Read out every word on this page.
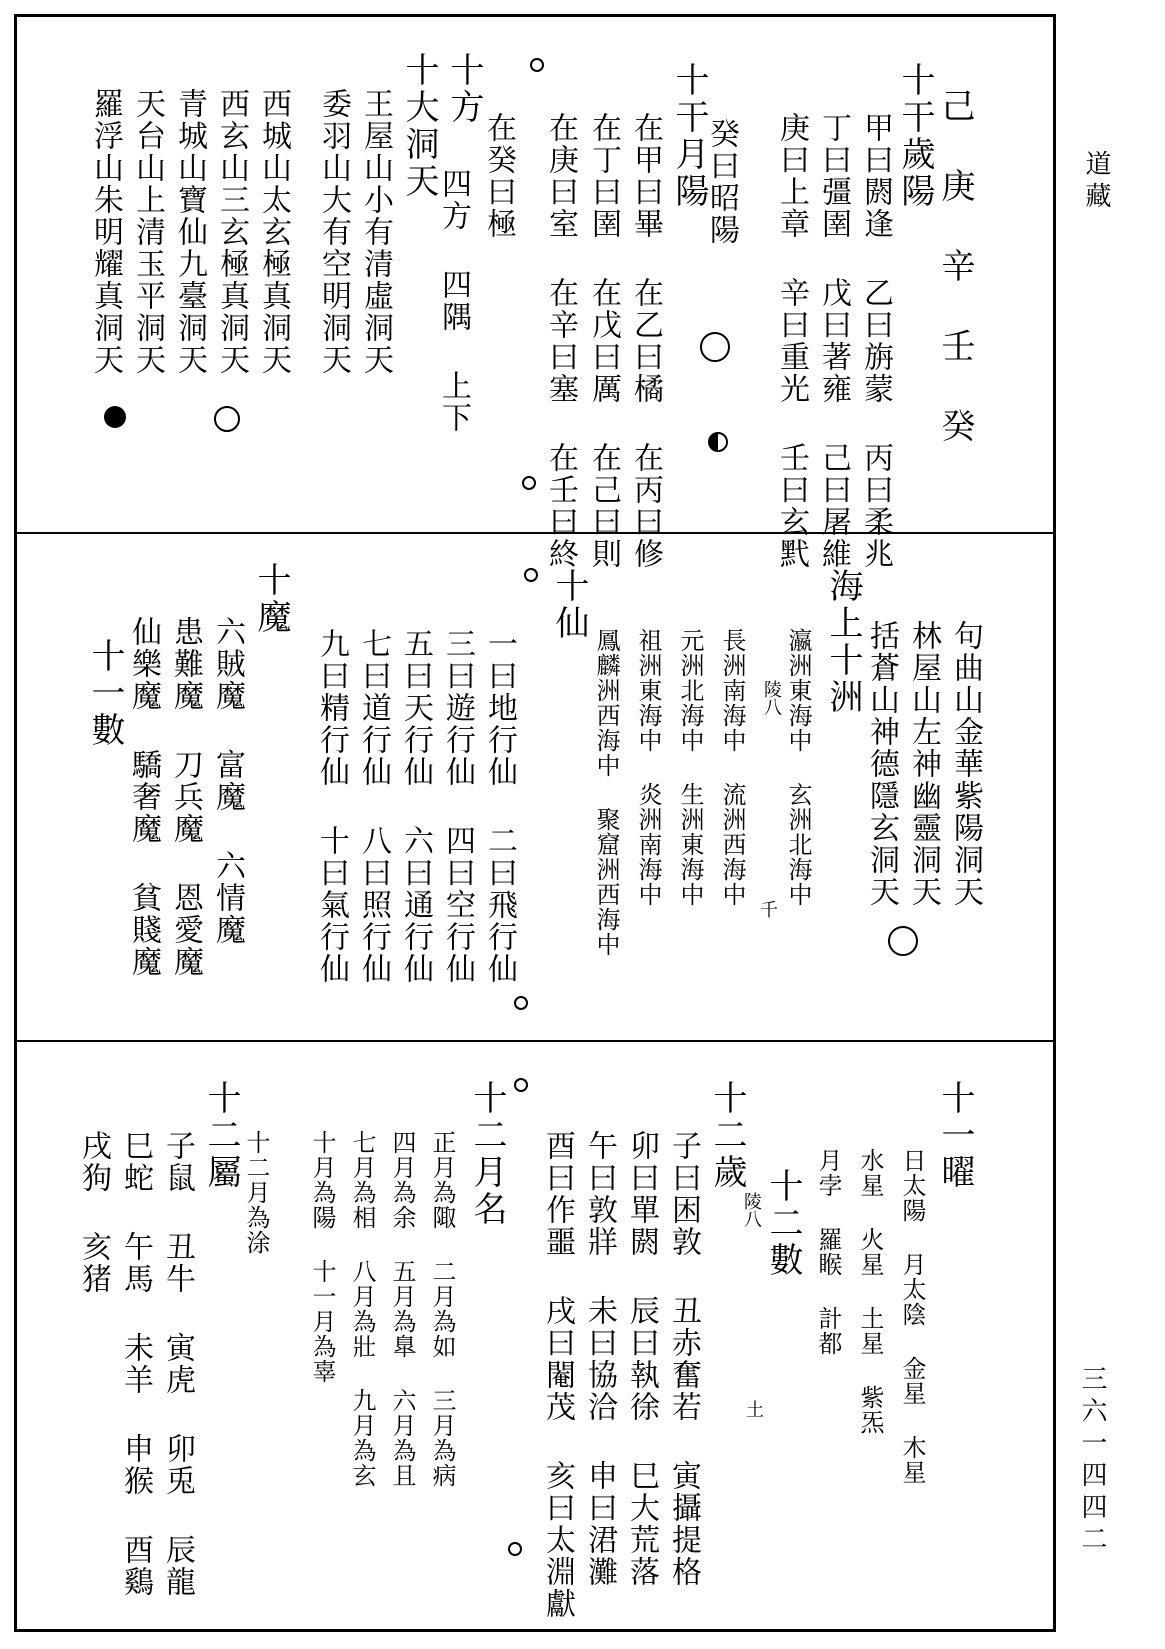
道藏
三六一四四二
己 庚 辛 壬 癸
十干歲陽
甲曰閼逢 乙曰旃蒙 丙曰柔兆
丁曰彊圉 戊曰著雍 己曰屠維
庚曰上章 辛曰重光 壬曰玄黓
癸曰昭陽
十干月陽
在甲曰畢 在乙曰橘 在丙曰修
在丁曰圉 在戊曰厲 在己曰則
在庚曰室 在辛曰塞 在壬曰終
在癸曰極
十方
四方 四隅 上下
十大洞天
王屋山小有清虛洞天
委羽山大有空明洞天
西城山太玄極真洞天
西玄山三玄極真洞天
青城山寶仙九臺洞天
天台山上清玉平洞天
羅浮山朱明耀真洞天
句曲山金華紫陽洞天
林屋山左神幽靈洞天
括蒼山神德隱玄洞天
海上十洲
瀛洲東海中 玄洲北海中
陵八
千
長洲南海中 流洲西海中
元洲北海中 生洲東海中
祖洲東海中 炎洲南海中
鳳麟洲西海中 聚窟洲西海中
十仙
一曰地行仙 二曰飛行仙
三曰遊行仙 四曰空行仙
五曰天行仙 六曰通行仙
七曰道行仙 八曰照行仙
九曰精行仙 十曰氣行仙
十魔
六賊魔 富魔 六情魔
患難魔 刀兵魔 恩愛魔
仙樂魔 驕奢魔 貧賤魔
十一數
十一曜
日太陽 月太陰 金星 木星
水星 火星 土星 紫炁
月孛 羅睺 計都
十二數
陵八
土
十二歲
子曰困敦 丑赤奮若 寅攝提格
卯曰單閼 辰曰執徐 巳大荒落
午曰敦牂 未曰協洽 申曰涒灘
酉曰作噩 戌曰閹茂 亥曰太淵獻
十二月名
正月為陬 二月為如 三月為病
四月為余 五月為臯 六月為且
七月為相 八月為壯 九月為玄
十月為陽 十一月為辜
十二月為涂
十二屬
子鼠 丑牛 寅虎 卯兎 辰龍
巳蛇 午馬 未羊 申猴 酉鷄
戌狗 亥猪
